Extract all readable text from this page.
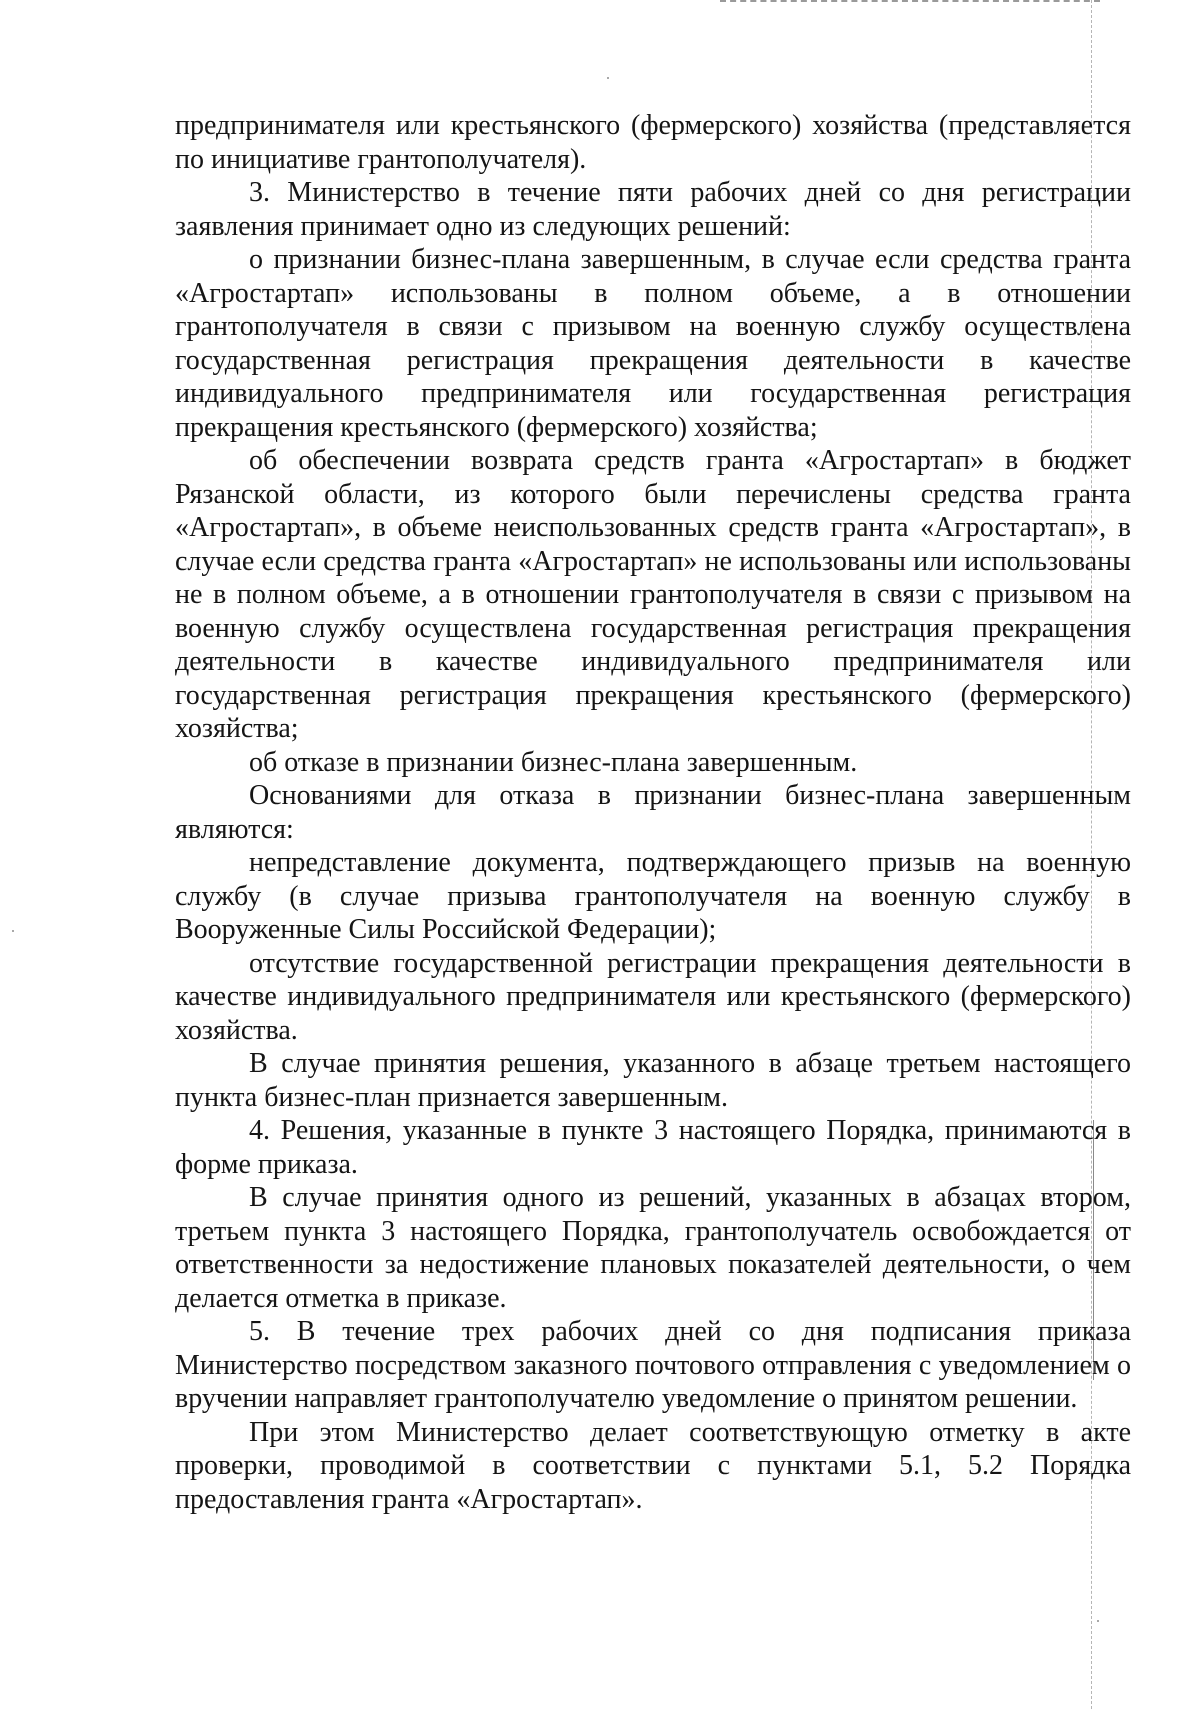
предпринимателя или крестьянского (фермерского) хозяйства (представляется по инициативе грантополучателя).

3. Министерство в течение пяти рабочих дней со дня регистрации заявления принимает одно из следующих решений:

о признании бизнес-плана завершенным, в случае если средства гранта «Агростартап» использованы в полном объеме, а в отношении грантополучателя в связи с призывом на военную службу осуществлена государственная регистрация прекращения деятельности в качестве индивидуального предпринимателя или государственная регистрация прекращения крестьянского (фермерского) хозяйства;

об обеспечении возврата средств гранта «Агростартап» в бюджет Рязанской области, из которого были перечислены средства гранта «Агростартап», в объеме неиспользованных средств гранта «Агростартап», в случае если средства гранта «Агростартап» не использованы или использованы не в полном объеме, а в отношении грантополучателя в связи с призывом на военную службу осуществлена государственная регистрация прекращения деятельности в качестве индивидуального предпринимателя или государственная регистрация прекращения крестьянского (фермерского) хозяйства;

об отказе в признании бизнес-плана завершенным.

Основаниями для отказа в признании бизнес-плана завершенным являются:

непредставление документа, подтверждающего призыв на военную службу (в случае призыва грантополучателя на военную службу в Вооруженные Силы Российской Федерации);

отсутствие государственной регистрации прекращения деятельности в качестве индивидуального предпринимателя или крестьянского (фермерского) хозяйства.

В случае принятия решения, указанного в абзаце третьем настоящего пункта бизнес-план признается завершенным.

4. Решения, указанные в пункте 3 настоящего Порядка, принимаются в форме приказа.

В случае принятия одного из решений, указанных в абзацах втором, третьем пункта 3 настоящего Порядка, грантополучатель освобождается от ответственности за недостижение плановых показателей деятельности, о чем делается отметка в приказе.

5. В течение трех рабочих дней со дня подписания приказа Министерство посредством заказного почтового отправления с уведомлением о вручении направляет грантополучателю уведомление о принятом решении.

При этом Министерство делает соответствующую отметку в акте проверки, проводимой в соответствии с пунктами 5.1, 5.2 Порядка предоставления гранта «Агростартап».
